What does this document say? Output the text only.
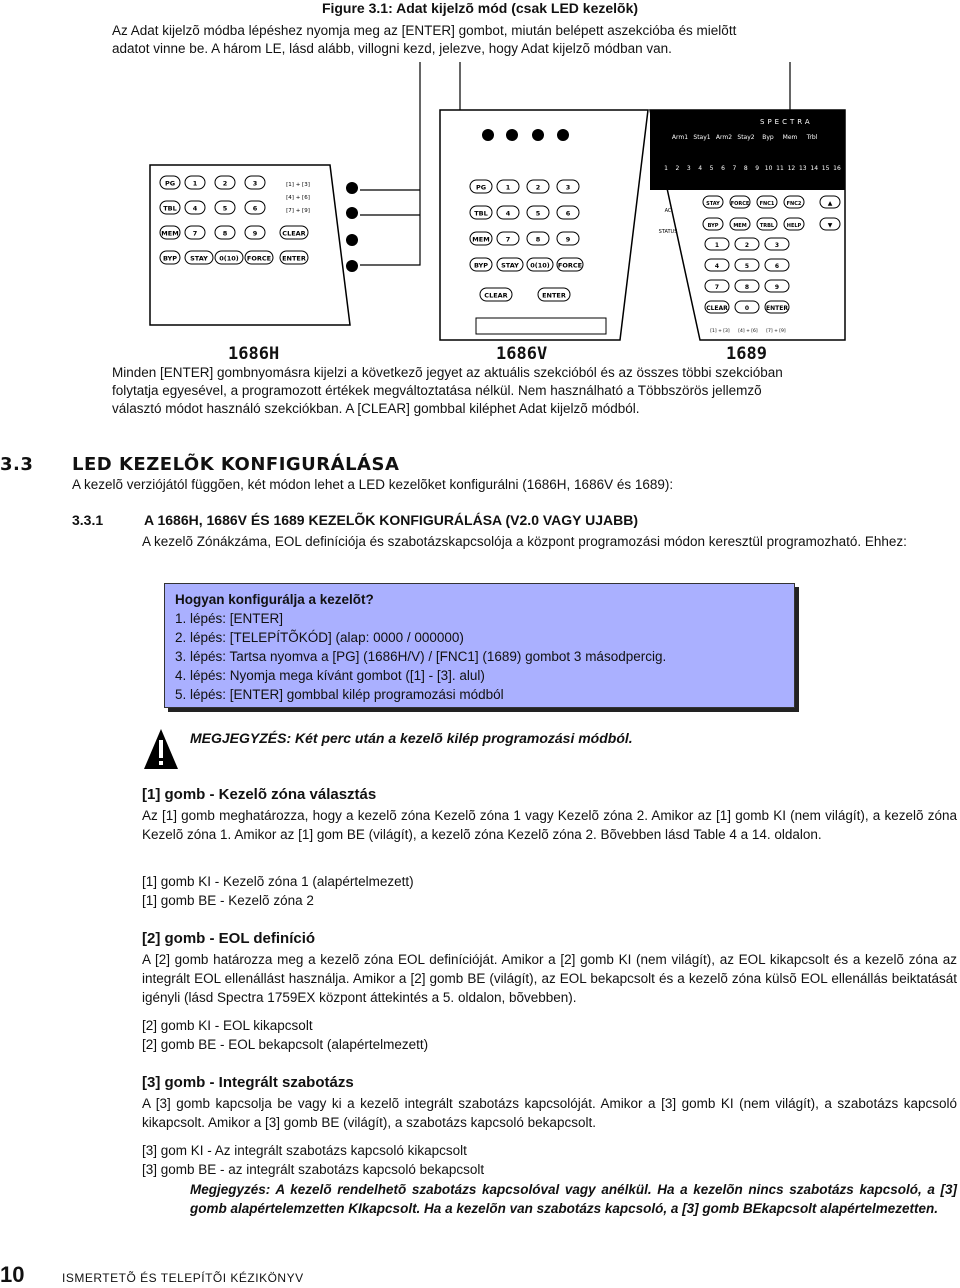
Figure 3.1: Adat kijelzõ mód (csak LED kezelõk)

Az Adat kijelzõ módba lépéshez nyomja meg az [ENTER] gombot, miután belépett aszekcióba és mielõtt

adatot vinne be. A három LE, lásd alább, villogni kezd, jelezve, hogy Adat kijelzõ módban van.

PG	1	2	3
TBL 4	5	6
MEM 7	8	9	CLEAR
BYP STAY 0(10) FORCE ENTER
[1] + [3]
[4] + [6]
[7] + [9]
PG	1	2	3
TBL	4	5	6
MEM 7	8	9
BYP STAY 0(10) FORCE
CLEAR	ENTER
SPECTRA
Arm1 Stay1 Arm2 Stay2 Byp Mem Trbl
1 2 3 4 5 6 7 8 9 10 11 12 13 14 15 16
AC
STATUS
STAY FORCE FNC1 FNC2
BYP	MEM	TRBL	HELP
1	2	3
4	5	6
7	8	9
CLEAR	0	ENTER
▲
▼
[1] + [3] [4] + [6] [7] + [9]
1686H	1686V	1689
Minden [ENTER] gombnyomásra kijelzi a következõ jegyet az aktuális szekcióból és az összes többi szekcióban
folytatja egyesével, a programozott értékek megváltoztatása nélkül. Nem használható a Többszörös jellemzõ
választó módot használó szekciókban. A [CLEAR] gombbal kiléphet Adat kijelzõ módból.
3.3 LED KEZELÕK KONFIGURÁLÁSA
A kezelõ verziójától függõen, két módon lehet a LED kezelõket konfigurálni (1686H, 1686V és 1689):
3.3.1	A 1686H, 1686V ÉS 1689 KEZELÕK KONFIGURÁLÁSA (V2.0 VAGY UJABB)
A kezelõ Zónákzáma, EOL definíciója és szabotázskapcsolója a központ programozási módon keresztül programozható. Ehhez:
Hogyan konfigurálja a kezelõt?
1. lépés: [ENTER]
2. lépés: [TELEPÍTÕKÓD] (alap: 0000 / 000000)
3. lépés: Tartsa nyomva a [PG] (1686H/V) / [FNC1] (1689) gombot 3 másodpercig.
4. lépés: Nyomja mega kívánt gombot ([1] - [3]. alul)
5. lépés: [ENTER] gombbal kilép programozási módból
MEGJEGYZÉS: Két perc után a kezelõ kilép programozási módból.
[1] gomb - Kezelõ zóna választás
Az [1] gomb meghatározza, hogy a kezelõ zóna Kezelõ zóna 1 vagy Kezelõ zóna 2. Amikor az [1] gomb KI (nem világít), a kezelõ zóna Kezelõ zóna 1. Amikor az [1] gom BE (világít), a kezelõ zóna Kezelõ zóna 2. Bõvebben lásd Table 4 a 14. oldalon.
[1] gomb KI - Kezelõ zóna 1 (alapértelmezett)
[1] gomb BE - Kezelõ zóna 2
[2] gomb - EOL definíció
A [2] gomb határozza meg a kezelõ zóna EOL definícióját. Amikor a [2] gomb KI (nem világít), az EOL kikapcsolt és a kezelõ zóna az integrált EOL ellenállást használja. Amikor a [2] gomb BE (világít), az EOL bekapcsolt és a kezelõ zóna külsõ EOL ellenállás beiktatását igényli (lásd Spectra 1759EX központ áttekintés a 5. oldalon, bõvebben).
[2] gomb KI - EOL kikapcsolt
[2] gomb BE - EOL bekapcsolt (alapértelmezett)
[3] gomb - Integrált szabotázs
A [3] gomb kapcsolja be vagy ki a kezelõ integrált szabotázs kapcsolóját. Amikor a [3] gomb KI (nem világít), a szabotázs kapcsoló kikapcsolt. Amikor a [3] gomb BE (világít), a szabotázs kapcsoló bekapcsolt.
[3] gom KI - Az integrált szabotázs kapcsoló kikapcsolt
[3] gomb BE - az integrált szabotázs kapcsoló bekapcsolt
Megjegyzés: A kezelõ rendelhetõ szabotázs kapcsolóval vagy anélkül. Ha a kezelõn nincs szabotázs kapcsoló, a [3] gomb alapértelemzetten KIkapcsolt. Ha a kezelõn van szabotázs kapcsoló, a [3] gomb BEkapcsolt alapértelmezetten.
10	ISMERTETÕ ÉS TELEPÍTÕI KÉZIKÖNYV
